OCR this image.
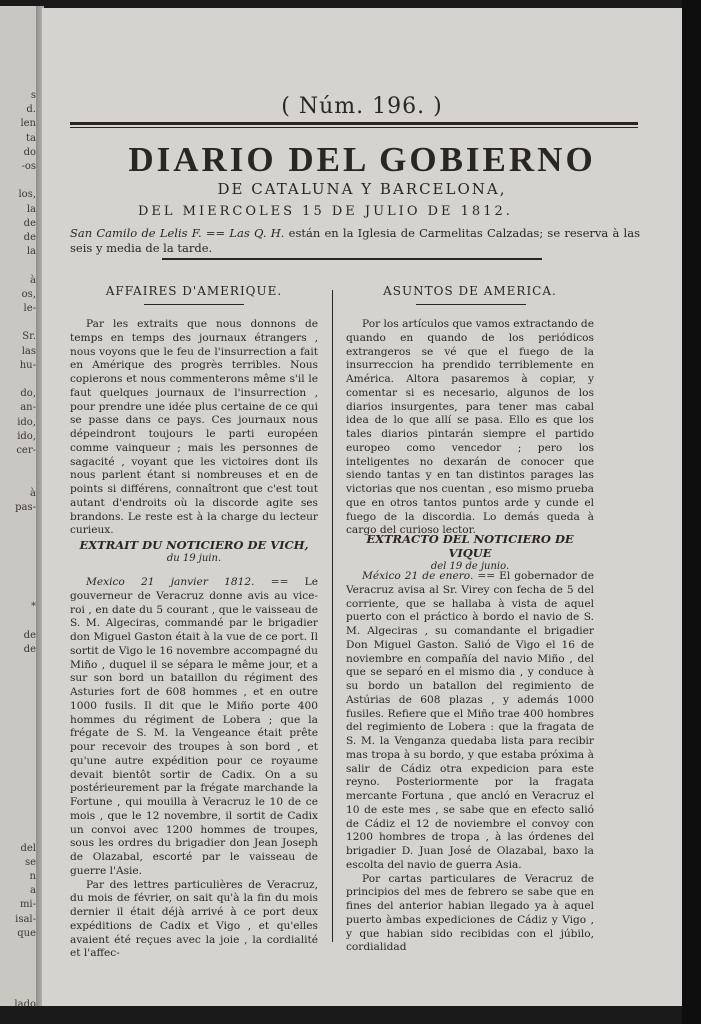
s
d.
len
ta
do
-os
los,
la
de
de
la
à
os,
le-
Sr.
las
hu-
do,
an-
ido,
ido,
cer-
à
pas-
*
de
de
del
se
n
a
mi-
isal-
que
lado
( Núm. 196. )
DIARIO DEL GOBIERNO
DE CATALUNA Y BARCELONA,
DEL MIERCOLES 15 DE JULIO DE 1812.
San Camilo de Lelis F. == Las Q. H. están en la Iglesia de Carmelitas Calzadas; se reserva à las seis y media de la tarde.
AFFAIRES D'AMERIQUE.

Par les extraits que nous donnons de temps en temps des journaux étrangers , nous voyons que le feu de l'insurrection a fait en Amérique des progrès terribles. Nous copierons et nous commenterons même s'il le faut quelques journaux de l'insurrection , pour prendre une idée plus certaine de ce qui se passe dans ce pays. Ces journaux nous dépeindront toujours le parti européen comme vainqueur ; mais les personnes de sagacité , voyant que les victoires dont ils nous parlent étant si nombreuses et en de points si différens, connaîtront que c'est tout autant d'endroits où la discorde agite ses brandons. Le reste est à la charge du lecteur curieux.

EXTRAIT DU NOTICIERO DE VICH,
du 19 juin.

Mexico 21 janvier 1812. == Le gouverneur de Veracruz donne avis au vice-roi , en date du 5 courant , que le vaisseau de S. M. Algeciras, commandé par le brigadier don Miguel Gaston était à la vue de ce port. Il sortit de Vigo le 16 novembre accompagné du Miño , duquel il se sépara le même jour, et a sur son bord un bataillon du régiment des Asturies fort de 608 hommes , et en outre 1000 fusils. Il dit que le Miño porte 400 hommes du régiment de Lobera ; que la frégate de S. M. la Vengeance était prête pour recevoir des troupes à son bord , et qu'une autre expédition pour ce royaume devait bientôt sortir de Cadix. On a su postérieurement par la frégate marchande la Fortune , qui mouilla à Veracruz le 10 de ce mois , que le 12 novembre, il sortit de Cadix un convoi avec 1200 hommes de troupes, sous les ordres du brigadier don Jean Joseph de Olazabal, escorté par le vaisseau de guerre l'Asie.

Par des lettres particulières de Veracruz, du mois de février, on sait qu'à la fin du mois dernier il était déjà arrivé à ce port deux expéditions de Cadix et Vigo , et qu'elles avaient été reçues avec la joie , la cordialité et l'affec-

ASUNTOS DE AMERICA.

Por los artículos que vamos extractando de quando en quando de los periódicos extrangeros se vé que el fuego de la insurreccion ha prendido terriblemente en América. Altora pasaremos à copiar, y comentar si es necesario, algunos de los diarios insurgentes, para tener mas cabal idea de lo que allí se pasa. Ello es que los tales diarios pintarán siempre el partido europeo como vencedor ; pero los inteligentes no dexarán de conocer que siendo tantas y en tan distintos parages las victorias que nos cuentan , eso mismo prueba que en otros tantos puntos arde y cunde el fuego de la discordia. Lo demás queda à cargo del curioso lector.

EXTRACTO DEL NOTICIERO DE VIQUE
del 19 de junio.

México 21 de enero. == El gobernador de Veracruz avisa al Sr. Virey con fecha de 5 del corriente, que se hallaba à vista de aquel puerto con el práctico à bordo el navio de S. M. Algeciras , su comandante el brigadier Don Miguel Gaston. Salió de Vigo el 16 de noviembre en compañía del navio Miño , del que se separó en el mismo dia , y conduce à su bordo un batallon del regimiento de Astúrias de 608 plazas , y además 1000 fusiles. Refiere que el Miño trae 400 hombres del regimiento de Lobera : que la fragata de S. M. la Venganza quedaba lista para recibir mas tropa à su bordo, y que estaba próxima à salir de Cádiz otra expedicion para este reyno. Posteriormente por la fragata mercante Fortuna , que ancló en Veracruz el 10 de este mes , se sabe que en efecto salió de Cádiz el 12 de noviembre el convoy con 1200 hombres de tropa , à las órdenes del brigadier D. Juan José de Olazabal, baxo la escolta del navio de guerra Asia.

Por cartas particulares de Veracruz de principios del mes de febrero se sabe que en fines del anterior habian llegado ya à aquel puerto àmbas expediciones de Cádiz y Vigo , y que habian sido recibidas con el júbilo, cordialidad
